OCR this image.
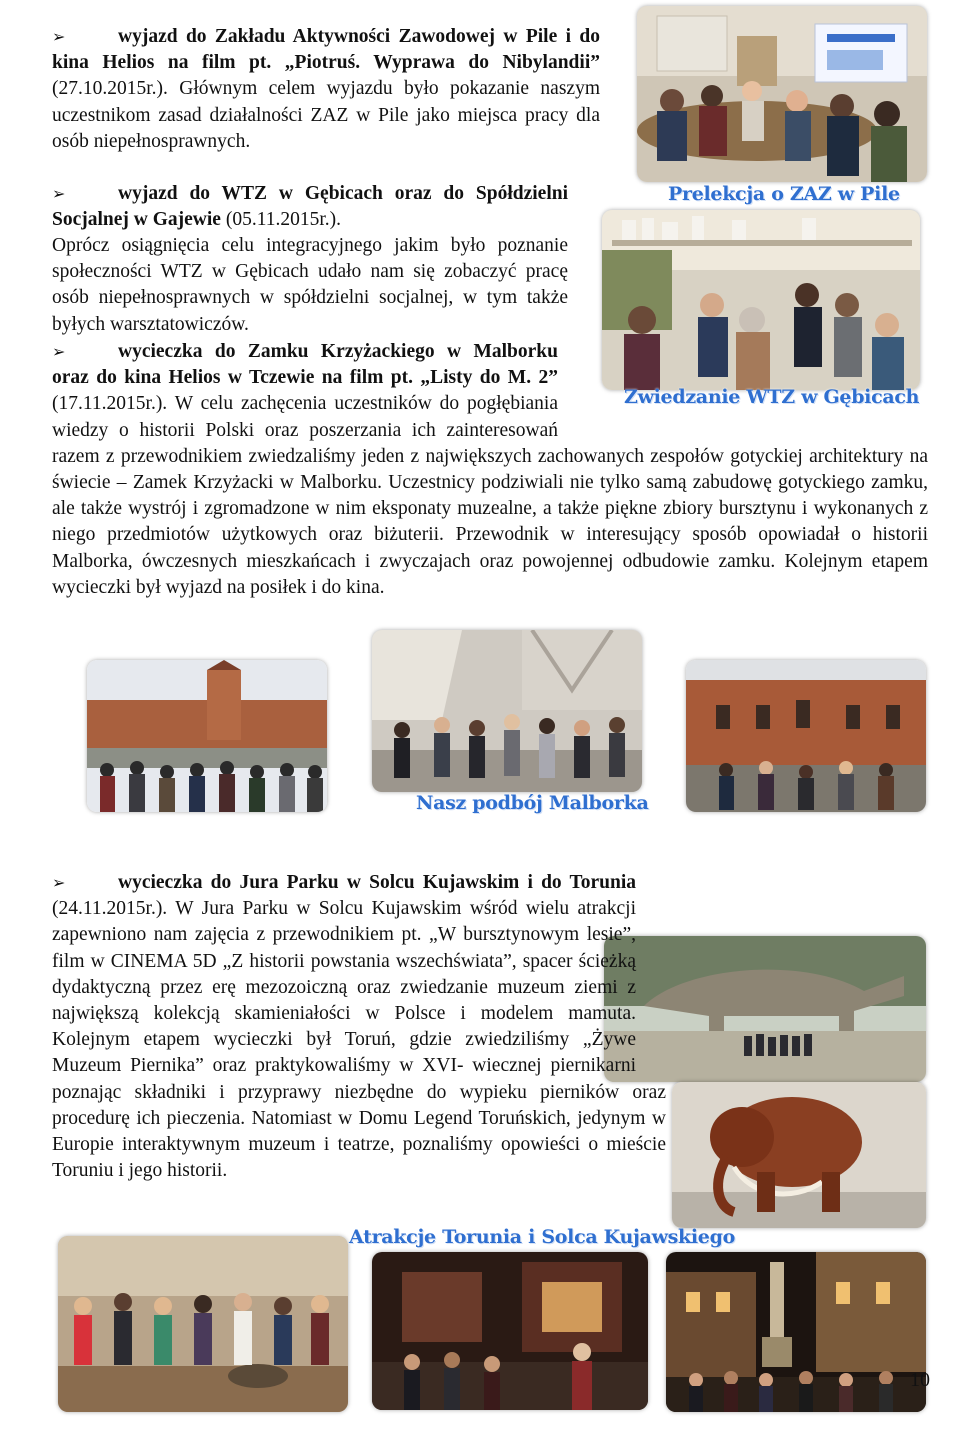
Prelekcja o ZAZ w Pile
Zwiedzanie WTZ w Gębicach
Nasz podbój Malborka
Atrakcje Torunia i Solca Kujawskiego

➢	wyjazd do Zakładu Aktywności Zawodowej w Pile i do kina Helios na film pt. „Piotruś. Wyprawa do Nibylandii” (27.10.2015r.). Głównym celem wyjazdu było pokazanie naszym uczestnikom zasad działalności ZAZ w Pile jako miejsca pracy dla osób niepełnosprawnych.

➢	wyjazd do WTZ w Gębicach oraz do Spółdzielni Socjalnej w Gajewie (05.11.2015r.).

Oprócz osiągnięcia celu integracyjnego jakim było poznanie społeczności WTZ w Gębicach udało nam się zobaczyć pracę osób niepełnosprawnych w spółdzielni socjalnej, w tym także byłych warsztatowiczów.

➢	wycieczka do Zamku Krzyżackiego w Malborku oraz do kina Helios w Tczewie na film pt. „Listy do M. 2” (17.11.2015r.). W celu zachęcenia uczestników do pogłębiania wiedzy o historii Polski oraz poszerzania ich zainteresowań razem z przewodnikiem zwiedzaliśmy jeden z największych zachowanych zespołów gotyckiej architektury na świecie – Zamek Krzyżacki w Malborku. Uczestnicy podziwiali nie tylko samą zabudowę gotyckiego zamku, ale także wystrój i zgromadzone w nim eksponaty muzealne, a także piękne zbiory bursztynu i wykonanych z niego przedmiotów użytkowych oraz biżuterii. Przewodnik w interesujący sposób opowiadał o historii Malborka, ówczesnych mieszkańcach i zwyczajach oraz powojennej odbudowie zamku. Kolejnym etapem wycieczki był wyjazd na posiłek i do kina.

➢	wycieczka do Jura Parku w Solcu Kujawskim i do Torunia (24.11.2015r.). W Jura Parku w Solcu Kujawskim wśród wielu atrakcji zapewniono nam zajęcia z przewodnikiem pt. „W bursztynowym lesie”, film w CINEMA 5D „Z historii powstania wszechświata”, spacer ścieżką dydaktyczną przez erę mezozoiczną oraz zwiedzanie muzeum ziemi z największą kolekcją skamieniałości w Polsce i modelem mamuta. Kolejnym etapem wycieczki był Toruń, gdzie zwiedziliśmy „Żywe Muzeum Piernika” oraz praktykowaliśmy w XVI- wiecznej piernikarni poznając składniki i przyprawy niezbędne do wypieku pierników oraz procedurę ich pieczenia. Natomiast w Domu Legend Toruńskich, jedynym w Europie interaktywnym muzeum i teatrze, poznaliśmy opowieści o mieście Toruniu i jego historii.

10
